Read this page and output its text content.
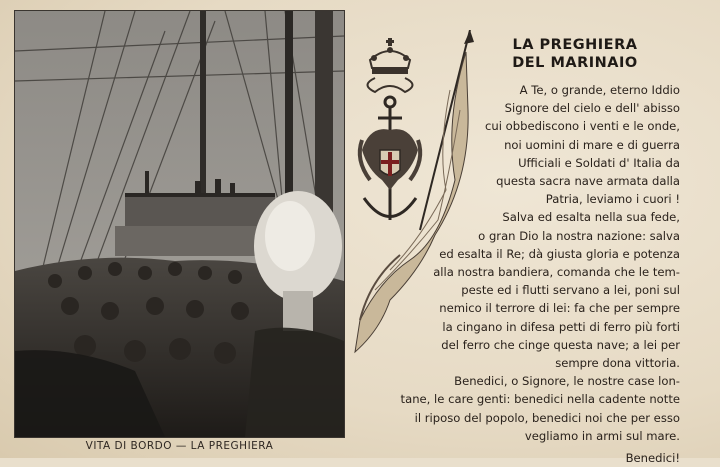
VITA DI BORDO — LA PREGHIERA
LA PREGHIERA
DEL MARINAIO
A Te, o grande, eterno Iddio
Signore del cielo e dell' abisso
cui obbediscono i venti e le onde,
noi uomini di mare e di guerra
Ufficiali e Soldati d' Italia da
questa sacra nave armata dalla
Patria, leviamo i cuori !
Salva ed esalta nella sua fede,
o gran Dio la nostra nazione: salva
ed esalta il Re; dà giusta gloria e potenza
alla nostra bandiera, comanda che le tem-
peste ed i flutti servano a lei, poni sul
nemico il terrore di lei: fa che per sempre
la cingano in difesa petti di ferro più forti
del ferro che cinge questa nave; a lei per
sempre dona vittoria.
Benedici, o Signore, le nostre case lon-
tane, le care genti: benedici nella cadente notte
il riposo del popolo, benedici noi che per esso
vegliamo in armi sul mare.
Benedici!
